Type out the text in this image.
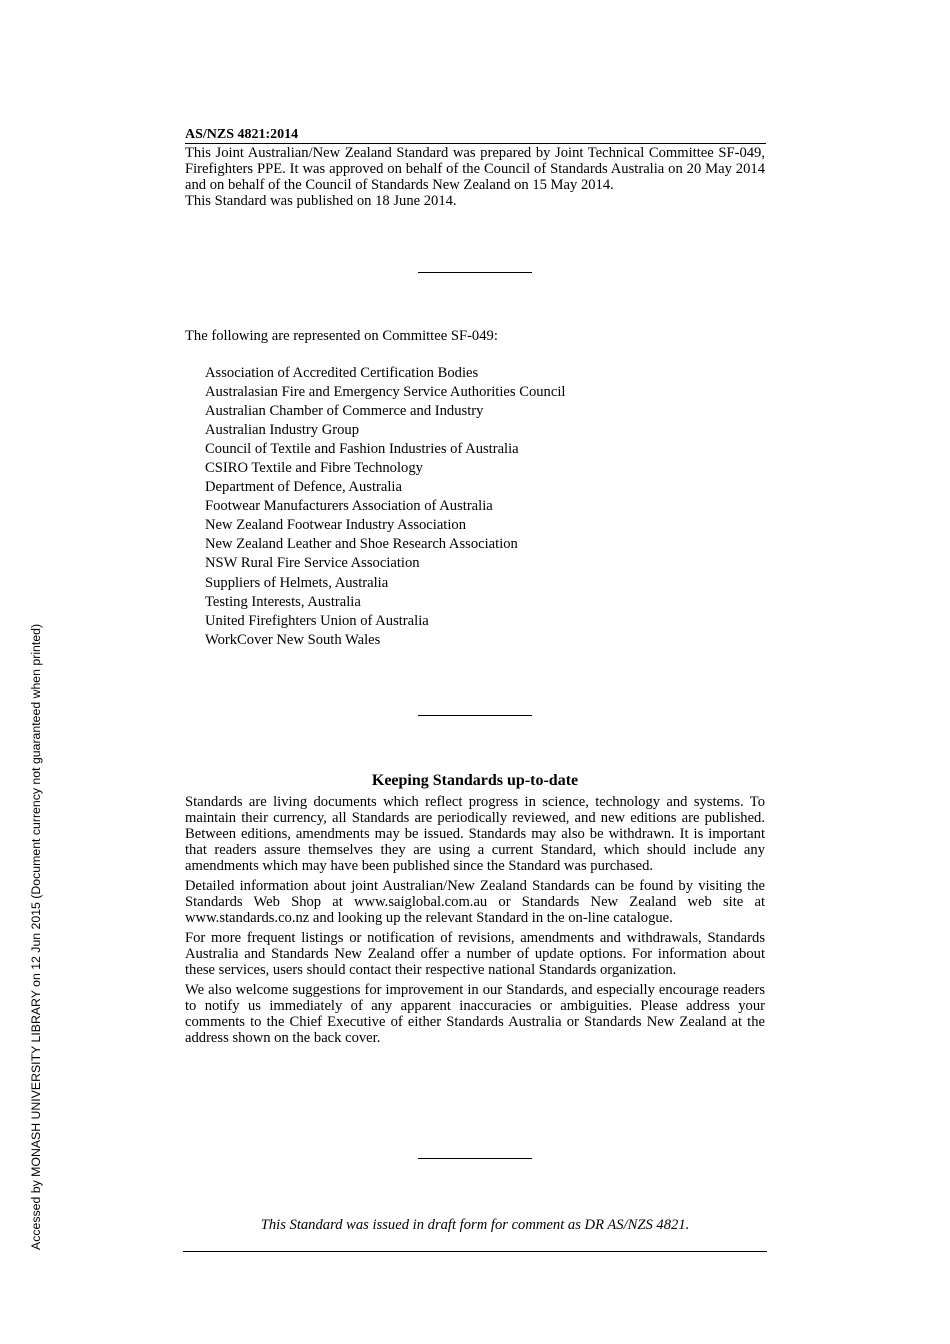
AS/NZS 4821:2014

This Joint Australian/New Zealand Standard was prepared by Joint Technical Committee SF-049, Firefighters PPE. It was approved on behalf of the Council of Standards Australia on 20 May 2014 and on behalf of the Council of Standards New Zealand on 15 May 2014.

This Standard was published on 18 June 2014.

The following are represented on Committee SF-049:
Association of Accredited Certification Bodies
Australasian Fire and Emergency Service Authorities Council
Australian Chamber of Commerce and Industry
Australian Industry Group
Council of Textile and Fashion Industries of Australia
CSIRO Textile and Fibre Technology
Department of Defence, Australia
Footwear Manufacturers Association of Australia
New Zealand Footwear Industry Association
New Zealand Leather and Shoe Research Association
NSW Rural Fire Service Association
Suppliers of Helmets, Australia
Testing Interests, Australia
United Firefighters Union of Australia
WorkCover New South Wales
Keeping Standards up-to-date

Standards are living documents which reflect progress in science, technology and systems. To maintain their currency, all Standards are periodically reviewed, and new editions are published. Between editions, amendments may be issued. Standards may also be withdrawn. It is important that readers assure themselves they are using a current Standard, which should include any amendments which may have been published since the Standard was purchased.

Detailed information about joint Australian/New Zealand Standards can be found by visiting the Standards Web Shop at www.saiglobal.com.au or Standards New Zealand web site at www.standards.co.nz and looking up the relevant Standard in the on-line catalogue.

For more frequent listings or notification of revisions, amendments and withdrawals, Standards Australia and Standards New Zealand offer a number of update options. For information about these services, users should contact their respective national Standards organization.

We also welcome suggestions for improvement in our Standards, and especially encourage readers to notify us immediately of any apparent inaccuracies or ambiguities. Please address your comments to the Chief Executive of either Standards Australia or Standards New Zealand at the address shown on the back cover.

This Standard was issued in draft form for comment as DR AS/NZS 4821.
Accessed by MONASH UNIVERSITY LIBRARY on 12 Jun 2015 (Document currency not guaranteed when printed)
